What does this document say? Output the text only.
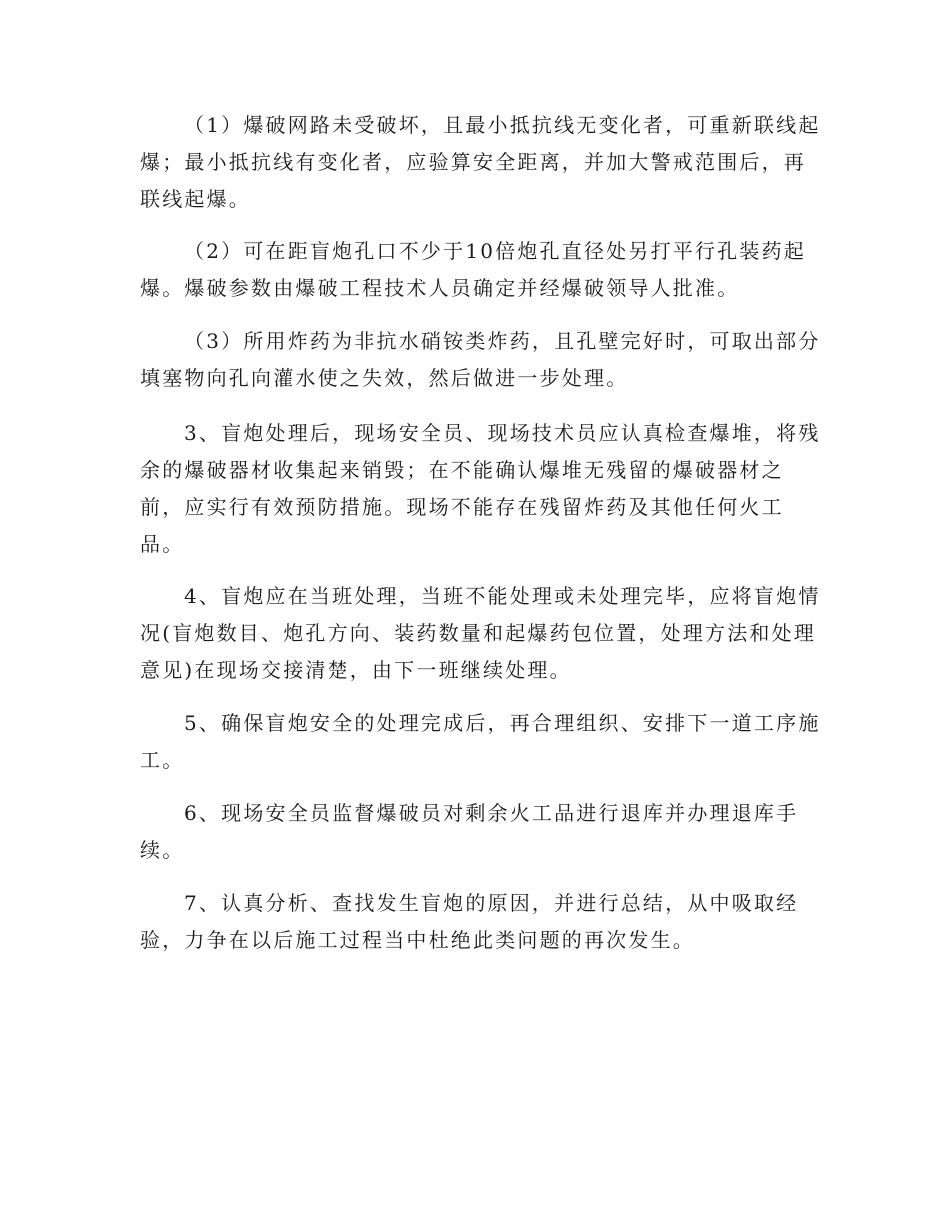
（1）爆破网路未受破坏，且最小抵抗线无变化者，可重新联线起
爆；最小抵抗线有变化者，应验算安全距离，并加大警戒范围后，再
联线起爆。

（2）可在距盲炮孔口不少于10倍炮孔直径处另打平行孔装药起
爆。爆破参数由爆破工程技术人员确定并经爆破领导人批准。

（3）所用炸药为非抗水硝铵类炸药，且孔壁完好时，可取出部分
填塞物向孔向灌水使之失效，然后做进一步处理。

3、盲炮处理后，现场安全员、现场技术员应认真检查爆堆，将残
余的爆破器材收集起来销毁；在不能确认爆堆无残留的爆破器材之
前，应实行有效预防措施。现场不能存在残留炸药及其他任何火工
品。

4、盲炮应在当班处理，当班不能处理或未处理完毕，应将盲炮情
况(盲炮数目、炮孔方向、装药数量和起爆药包位置，处理方法和处理
意见)在现场交接清楚，由下一班继续处理。

5、确保盲炮安全的处理完成后，再合理组织、安排下一道工序施
工。

6、现场安全员监督爆破员对剩余火工品进行退库并办理退库手
续。

7、认真分析、查找发生盲炮的原因，并进行总结，从中吸取经
验，力争在以后施工过程当中杜绝此类问题的再次发生。
